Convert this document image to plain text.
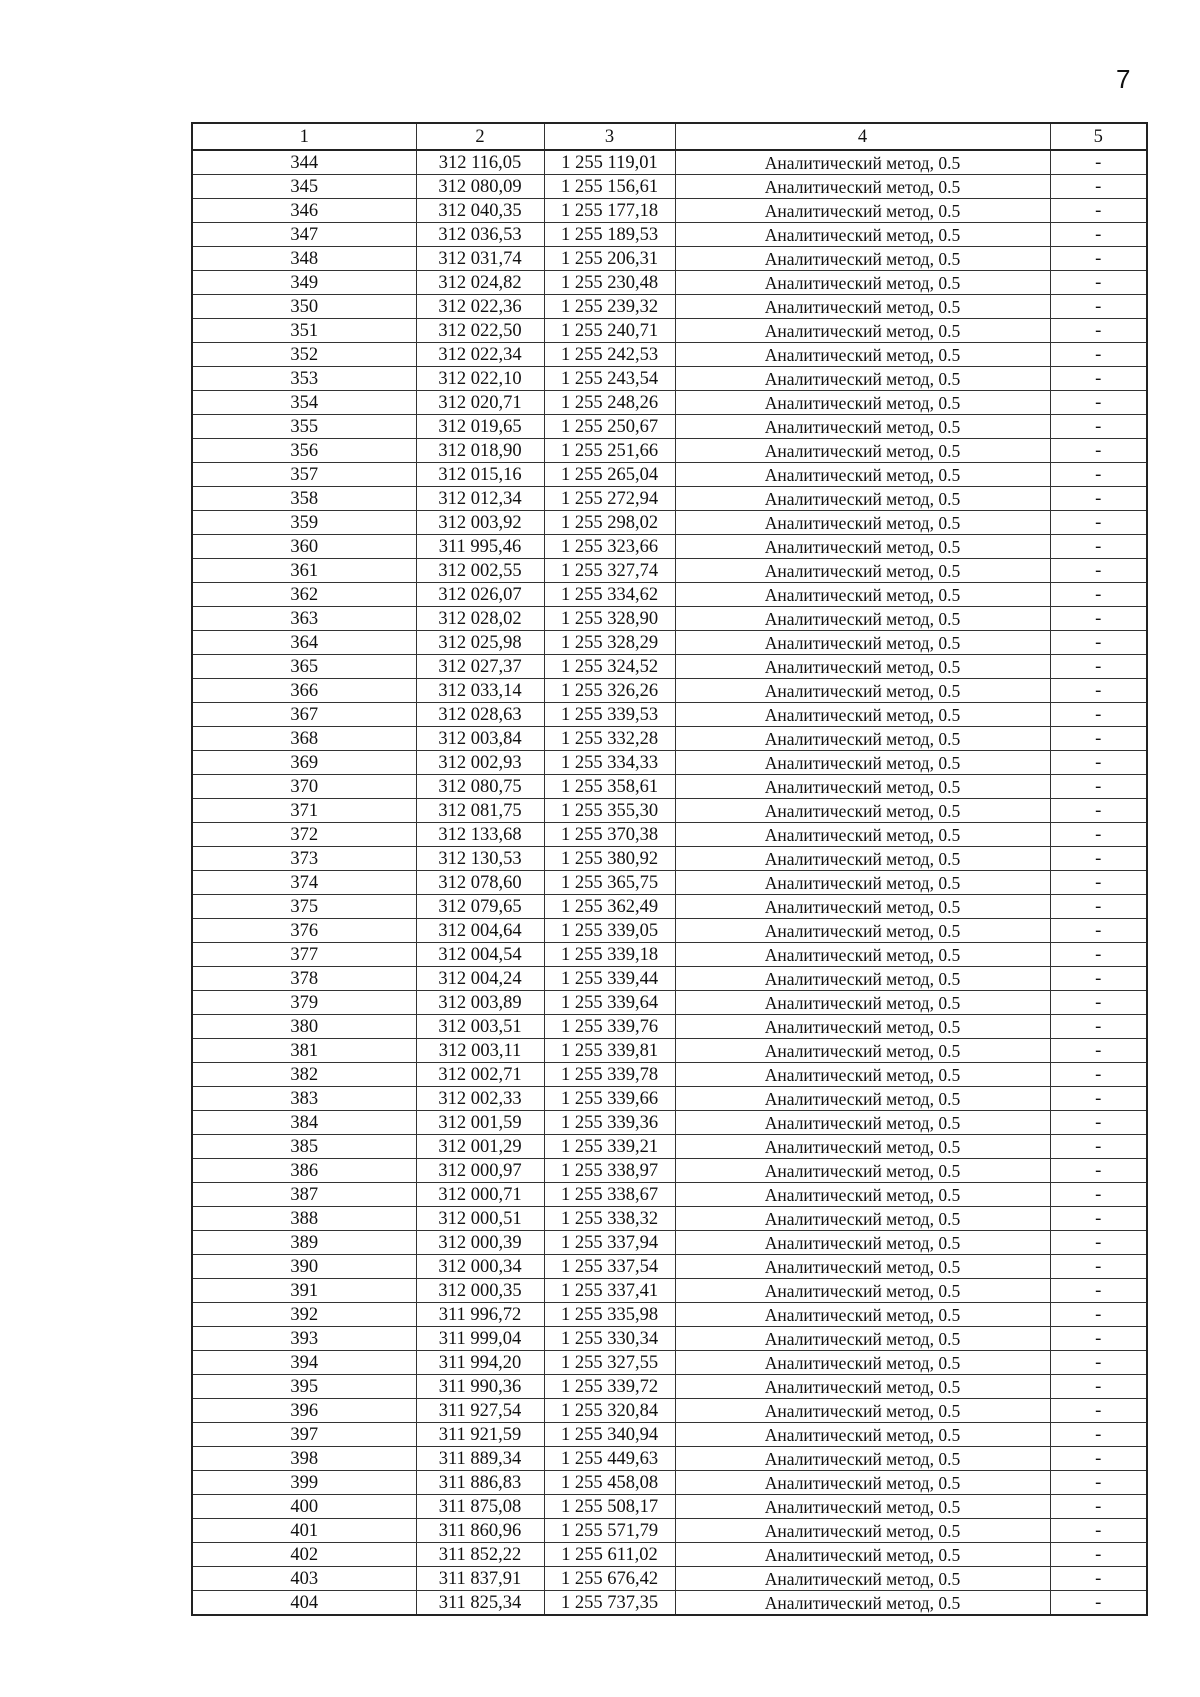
7
1	2	3	4	5
344	312 116,05	1 255 119,01	Аналитический метод, 0.5	-
345	312 080,09	1 255 156,61	Аналитический метод, 0.5	-
346	312 040,35	1 255 177,18	Аналитический метод, 0.5	-
347	312 036,53	1 255 189,53	Аналитический метод, 0.5	-
348	312 031,74	1 255 206,31	Аналитический метод, 0.5	-
349	312 024,82	1 255 230,48	Аналитический метод, 0.5	-
350	312 022,36	1 255 239,32	Аналитический метод, 0.5	-
351	312 022,50	1 255 240,71	Аналитический метод, 0.5	-
352	312 022,34	1 255 242,53	Аналитический метод, 0.5	-
353	312 022,10	1 255 243,54	Аналитический метод, 0.5	-
354	312 020,71	1 255 248,26	Аналитический метод, 0.5	-
355	312 019,65	1 255 250,67	Аналитический метод, 0.5	-
356	312 018,90	1 255 251,66	Аналитический метод, 0.5	-
357	312 015,16	1 255 265,04	Аналитический метод, 0.5	-
358	312 012,34	1 255 272,94	Аналитический метод, 0.5	-
359	312 003,92	1 255 298,02	Аналитический метод, 0.5	-
360	311 995,46	1 255 323,66	Аналитический метод, 0.5	-
361	312 002,55	1 255 327,74	Аналитический метод, 0.5	-
362	312 026,07	1 255 334,62	Аналитический метод, 0.5	-
363	312 028,02	1 255 328,90	Аналитический метод, 0.5	-
364	312 025,98	1 255 328,29	Аналитический метод, 0.5	-
365	312 027,37	1 255 324,52	Аналитический метод, 0.5	-
366	312 033,14	1 255 326,26	Аналитический метод, 0.5	-
367	312 028,63	1 255 339,53	Аналитический метод, 0.5	-
368	312 003,84	1 255 332,28	Аналитический метод, 0.5	-
369	312 002,93	1 255 334,33	Аналитический метод, 0.5	-
370	312 080,75	1 255 358,61	Аналитический метод, 0.5	-
371	312 081,75	1 255 355,30	Аналитический метод, 0.5	-
372	312 133,68	1 255 370,38	Аналитический метод, 0.5	-
373	312 130,53	1 255 380,92	Аналитический метод, 0.5	-
374	312 078,60	1 255 365,75	Аналитический метод, 0.5	-
375	312 079,65	1 255 362,49	Аналитический метод, 0.5	-
376	312 004,64	1 255 339,05	Аналитический метод, 0.5	-
377	312 004,54	1 255 339,18	Аналитический метод, 0.5	-
378	312 004,24	1 255 339,44	Аналитический метод, 0.5	-
379	312 003,89	1 255 339,64	Аналитический метод, 0.5	-
380	312 003,51	1 255 339,76	Аналитический метод, 0.5	-
381	312 003,11	1 255 339,81	Аналитический метод, 0.5	-
382	312 002,71	1 255 339,78	Аналитический метод, 0.5	-
383	312 002,33	1 255 339,66	Аналитический метод, 0.5	-
384	312 001,59	1 255 339,36	Аналитический метод, 0.5	-
385	312 001,29	1 255 339,21	Аналитический метод, 0.5	-
386	312 000,97	1 255 338,97	Аналитический метод, 0.5	-
387	312 000,71	1 255 338,67	Аналитический метод, 0.5	-
388	312 000,51	1 255 338,32	Аналитический метод, 0.5	-
389	312 000,39	1 255 337,94	Аналитический метод, 0.5	-
390	312 000,34	1 255 337,54	Аналитический метод, 0.5	-
391	312 000,35	1 255 337,41	Аналитический метод, 0.5	-
392	311 996,72	1 255 335,98	Аналитический метод, 0.5	-
393	311 999,04	1 255 330,34	Аналитический метод, 0.5	-
394	311 994,20	1 255 327,55	Аналитический метод, 0.5	-
395	311 990,36	1 255 339,72	Аналитический метод, 0.5	-
396	311 927,54	1 255 320,84	Аналитический метод, 0.5	-
397	311 921,59	1 255 340,94	Аналитический метод, 0.5	-
398	311 889,34	1 255 449,63	Аналитический метод, 0.5	-
399	311 886,83	1 255 458,08	Аналитический метод, 0.5	-
400	311 875,08	1 255 508,17	Аналитический метод, 0.5	-
401	311 860,96	1 255 571,79	Аналитический метод, 0.5	-
402	311 852,22	1 255 611,02	Аналитический метод, 0.5	-
403	311 837,91	1 255 676,42	Аналитический метод, 0.5	-
404	311 825,34	1 255 737,35	Аналитический метод, 0.5	-
